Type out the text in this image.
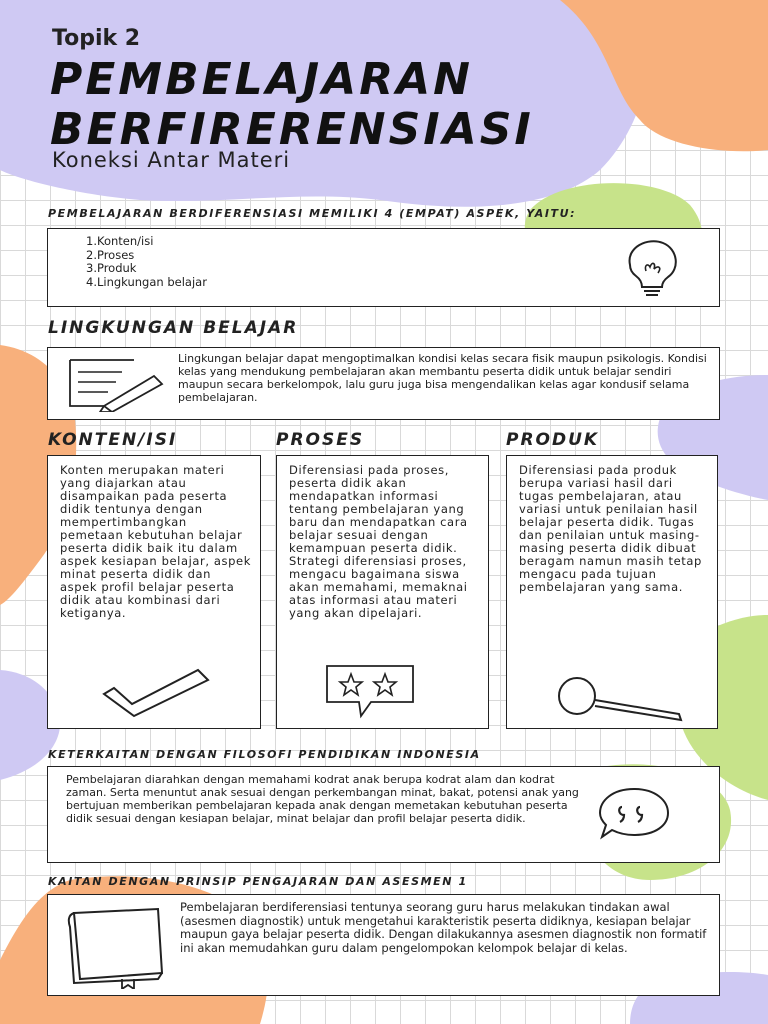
Topik 2
PEMBELAJARAN
BERFIRERENSIASI
Koneksi Antar Materi
PEMBELAJARAN BERDIFERENSIASI MEMILIKI 4 (EMPAT) ASPEK, YAITU:
1.Konten/isi
2.Proses
3.Produk
4.Lingkungan belajar
LINGKUNGAN BELAJAR
Lingkungan belajar dapat mengoptimalkan kondisi kelas secara fisik maupun psikologis. Kondisi kelas yang mendukung pembelajaran akan membantu peserta didik untuk belajar sendiri maupun secara berkelompok, lalu guru juga bisa mengendalikan kelas agar kondusif selama pembelajaran.
KONTEN/ISI	PROSES	PRODUK
Konten merupakan materi yang diajarkan atau disampaikan pada peserta didik tentunya dengan mempertimbangkan pemetaan kebutuhan belajar peserta didik baik itu dalam aspek kesiapan belajar, aspek minat peserta didik dan aspek profil belajar peserta didik atau kombinasi dari ketiganya.
Diferensiasi pada proses, peserta didik akan mendapatkan informasi tentang pembelajaran yang baru dan mendapatkan cara belajar sesuai dengan kemampuan peserta didik. Strategi diferensiasi proses, mengacu bagaimana siswa akan memahami, memaknai atas informasi atau materi yang akan dipelajari.
Diferensiasi pada produk berupa variasi hasil dari tugas pembelajaran, atau variasi untuk penilaian hasil belajar peserta didik. Tugas dan penilaian untuk masing-masing peserta didik dibuat beragam namun masih tetap mengacu pada tujuan pembelajaran yang sama.
KETERKAITAN DENGAN FILOSOFI PENDIDIKAN INDONESIA
Pembelajaran diarahkan dengan memahami kodrat anak berupa kodrat alam dan kodrat zaman. Serta menuntut anak sesuai dengan perkembangan minat, bakat, potensi anak yang bertujuan memberikan pembelajaran kepada anak dengan memetakan kebutuhan peserta didik sesuai dengan kesiapan belajar, minat belajar dan profil belajar peserta didik.
KAITAN DENGAN PRINSIP PENGAJARAN DAN ASESMEN 1
Pembelajaran berdiferensiasi tentunya seorang guru harus melakukan tindakan awal (asesmen diagnostik) untuk mengetahui karakteristik peserta didiknya, kesiapan belajar maupun gaya belajar peserta didik. Dengan dilakukannya asesmen diagnostik non formatif ini akan memudahkan guru dalam pengelompokan kelompok belajar di kelas.
